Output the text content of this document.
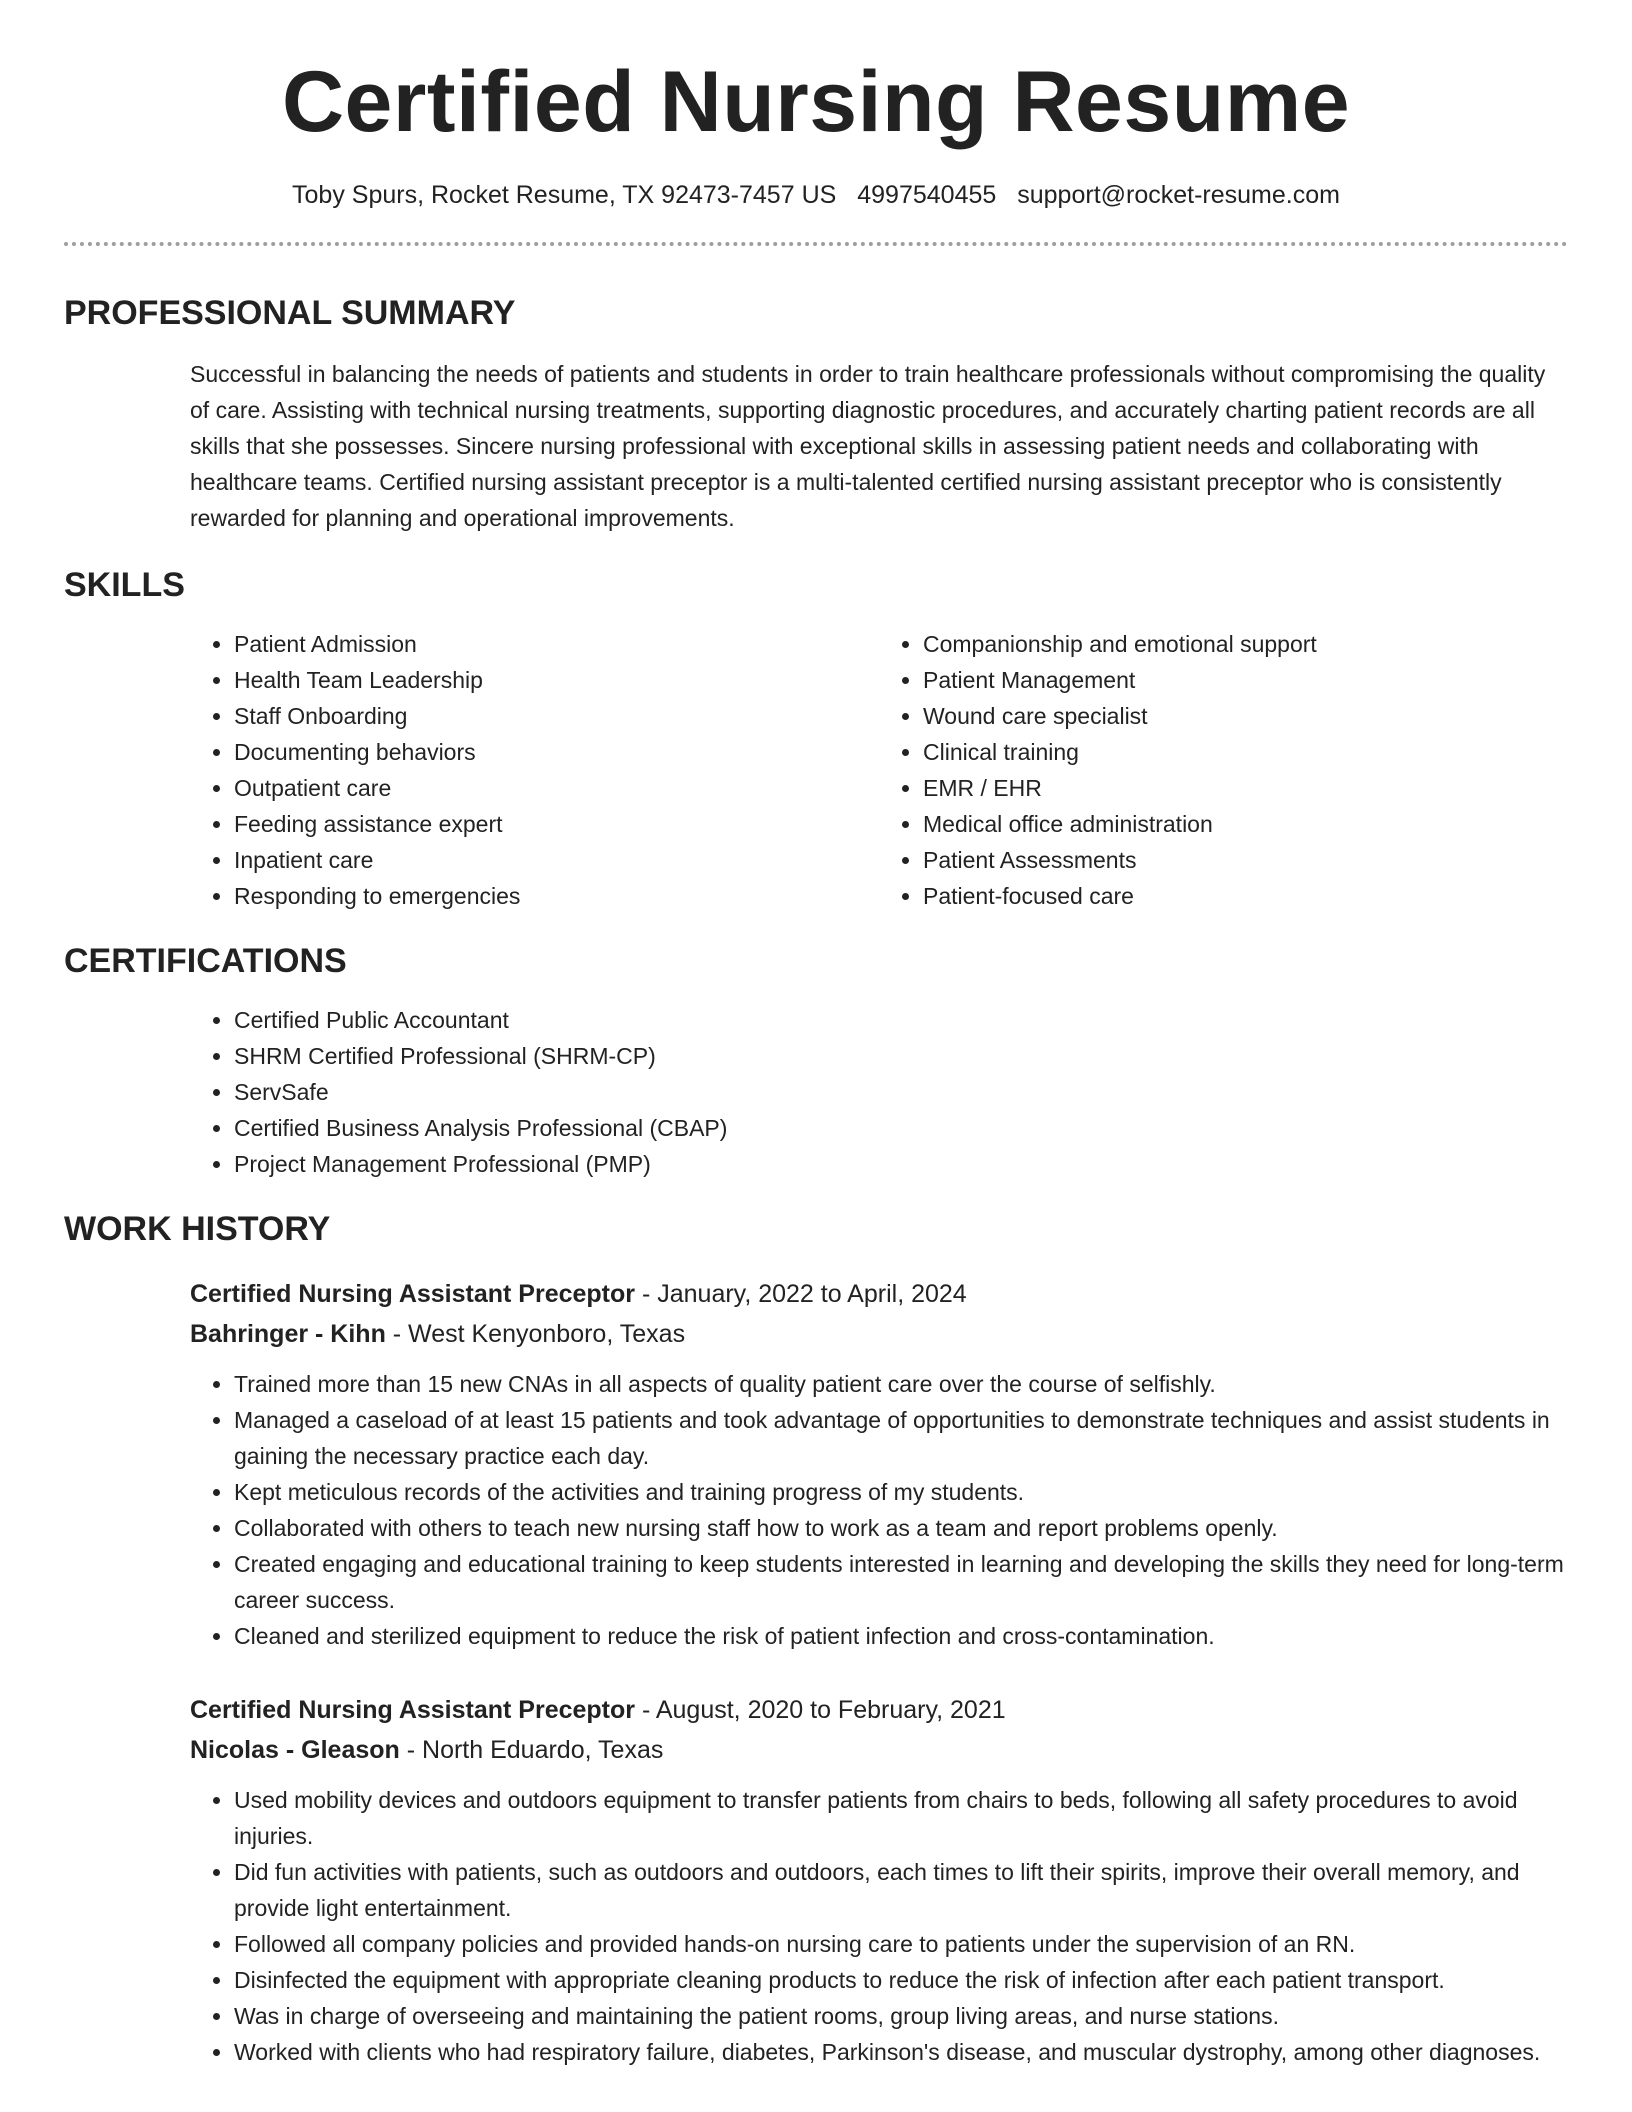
Certified Nursing Resume
Toby Spurs, Rocket Resume, TX 92473-7457 US 4997540455 support@rocket-resume.com
PROFESSIONAL SUMMARY
Successful in balancing the needs of patients and students in order to train healthcare professionals without compromising the quality of care. Assisting with technical nursing treatments, supporting diagnostic procedures, and accurately charting patient records are all skills that she possesses. Sincere nursing professional with exceptional skills in assessing patient needs and collaborating with healthcare teams. Certified nursing assistant preceptor is a multi-talented certified nursing assistant preceptor who is consistently rewarded for planning and operational improvements.
SKILLS
• Patient Admission
• Health Team Leadership
• Staff Onboarding
• Documenting behaviors
• Outpatient care
• Feeding assistance expert
• Inpatient care
• Responding to emergencies
• Companionship and emotional support
• Patient Management
• Wound care specialist
• Clinical training
• EMR / EHR
• Medical office administration
• Patient Assessments
• Patient-focused care
CERTIFICATIONS
• Certified Public Accountant
• SHRM Certified Professional (SHRM-CP)
• ServSafe
• Certified Business Analysis Professional (CBAP)
• Project Management Professional (PMP)
WORK HISTORY
Certified Nursing Assistant Preceptor - January, 2022 to April, 2024
Bahringer - Kihn - West Kenyonboro, Texas
• Trained more than 15 new CNAs in all aspects of quality patient care over the course of selfishly.
• Managed a caseload of at least 15 patients and took advantage of opportunities to demonstrate techniques and assist students in gaining the necessary practice each day.
• Kept meticulous records of the activities and training progress of my students.
• Collaborated with others to teach new nursing staff how to work as a team and report problems openly.
• Created engaging and educational training to keep students interested in learning and developing the skills they need for long-term career success.
• Cleaned and sterilized equipment to reduce the risk of patient infection and cross-contamination.
Certified Nursing Assistant Preceptor - August, 2020 to February, 2021
Nicolas - Gleason - North Eduardo, Texas
• Used mobility devices and outdoors equipment to transfer patients from chairs to beds, following all safety procedures to avoid injuries.
• Did fun activities with patients, such as outdoors and outdoors, each times to lift their spirits, improve their overall memory, and provide light entertainment.
• Followed all company policies and provided hands-on nursing care to patients under the supervision of an RN.
• Disinfected the equipment with appropriate cleaning products to reduce the risk of infection after each patient transport.
• Was in charge of overseeing and maintaining the patient rooms, group living areas, and nurse stations.
• Worked with clients who had respiratory failure, diabetes, Parkinson's disease, and muscular dystrophy, among other diagnoses.
